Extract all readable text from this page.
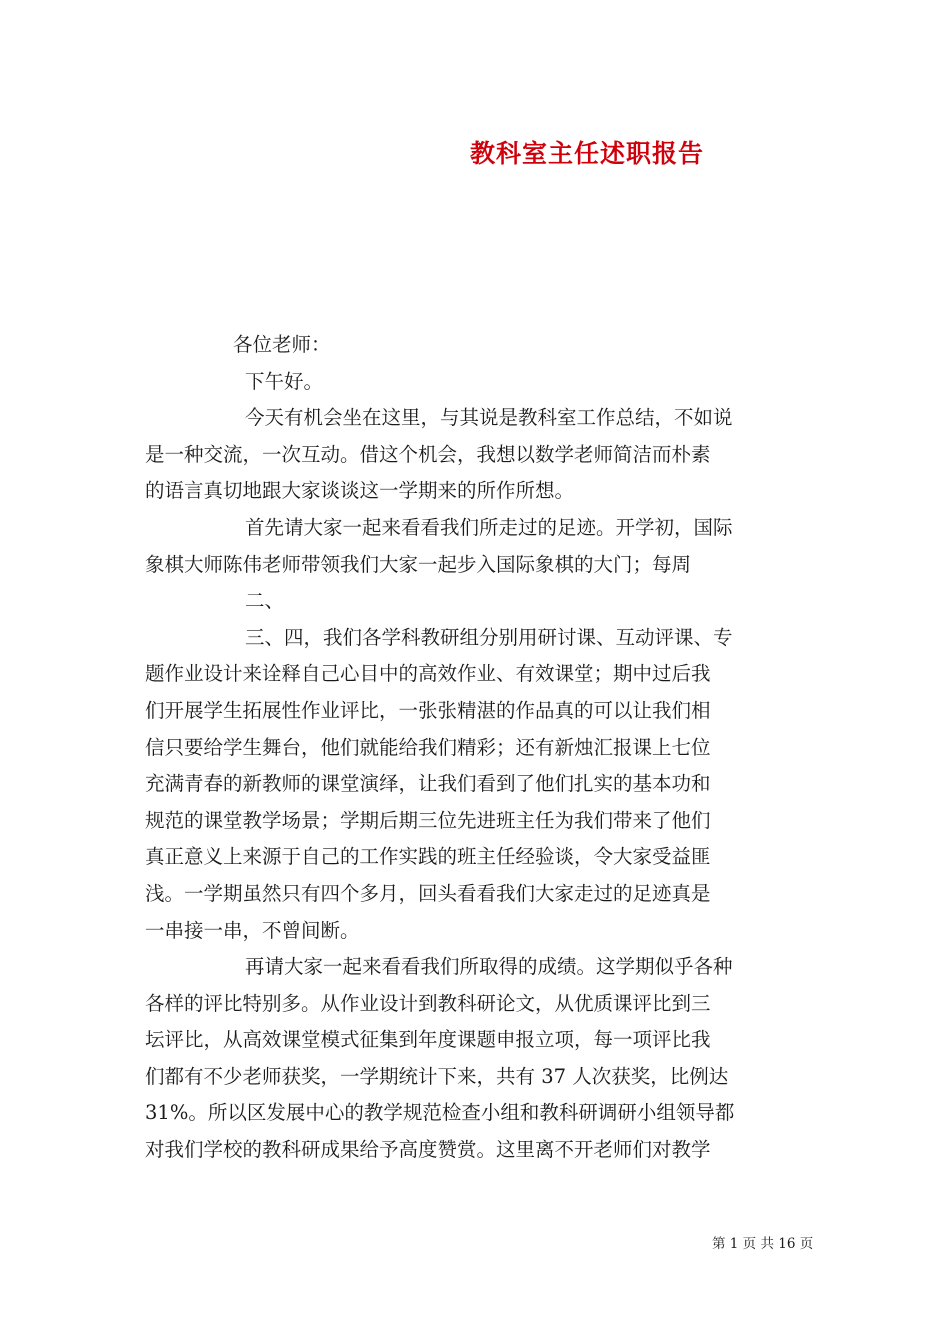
教科室主任述职报告
各位老师：
下午好。
今天有机会坐在这里，与其说是教科室工作总结，不如说
是一种交流，一次互动。借这个机会，我想以数学老师简洁而朴素
的语言真切地跟大家谈谈这一学期来的所作所想。
首先请大家一起来看看我们所走过的足迹。开学初，国际
象棋大师陈伟老师带领我们大家一起步入国际象棋的大门；每周
二、
三、四，我们各学科教研组分别用研讨课、互动评课、专
题作业设计来诠释自己心目中的高效作业、有效课堂；期中过后我
们开展学生拓展性作业评比，一张张精湛的作品真的可以让我们相
信只要给学生舞台，他们就能给我们精彩；还有新烛汇报课上七位
充满青春的新教师的课堂演绎，让我们看到了他们扎实的基本功和
规范的课堂教学场景；学期后期三位先进班主任为我们带来了他们
真正意义上来源于自己的工作实践的班主任经验谈，令大家受益匪
浅。一学期虽然只有四个多月，回头看看我们大家走过的足迹真是
一串接一串，不曾间断。
再请大家一起来看看我们所取得的成绩。这学期似乎各种
各样的评比特别多。从作业设计到教科研论文，从优质课评比到三
坛评比，从高效课堂模式征集到年度课题申报立项，每一项评比我
们都有不少老师获奖，一学期统计下来，共有 37 人次获奖，比例达
31%。所以区发展中心的教学规范检查小组和教科研调研小组领导都
对我们学校的教科研成果给予高度赞赏。这里离不开老师们对教学
第 1 页 共 16 页
